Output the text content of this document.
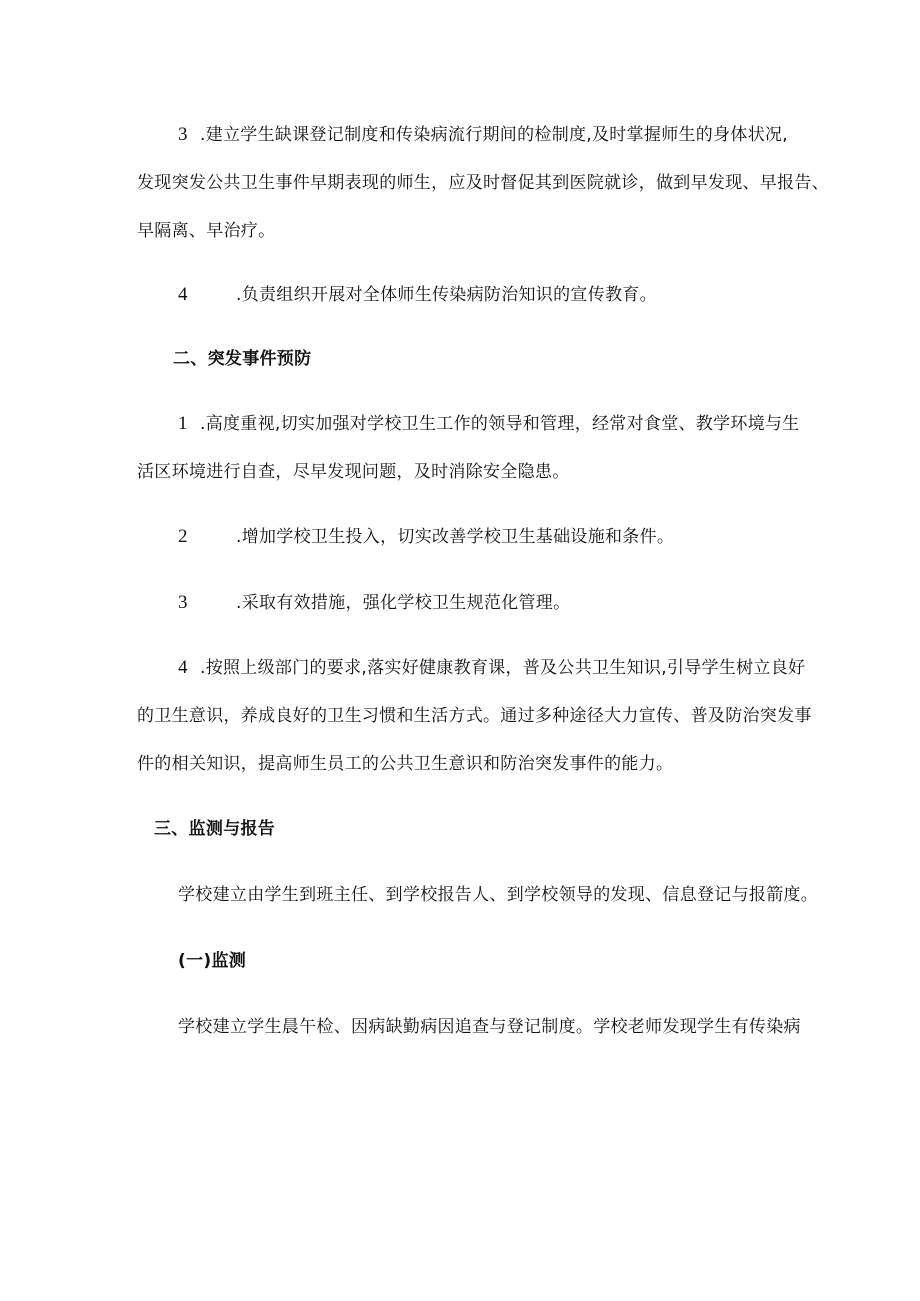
3 .建立学生缺课登记制度和传染病流行期间的检制度,及时掌握师生的身体状况,
发现突发公共卫生事件早期表现的师生，应及时督促其到医院就诊，做到早发现、早报告、
早隔离、早治疗。
4	.负责组织开展对全体师生传染病防治知识的宣传教育。
二、突发事件预防
1 .高度重视,切实加强对学校卫生工作的领导和管理，经常对食堂、教学环境与生
活区环境进行自查，尽早发现问题，及时消除安全隐患。
2	.增加学校卫生投入，切实改善学校卫生基础设施和条件。
3	.采取有效措施，强化学校卫生规范化管理。
4 .按照上级部门的要求,落实好健康教育课，普及公共卫生知识,引导学生树立良好
的卫生意识，养成良好的卫生习惯和生活方式。通过多种途径大力宣传、普及防治突发事
件的相关知识，提高师生员工的公共卫生意识和防治突发事件的能力。
三、监测与报告
学校建立由学生到班主任、到学校报告人、到学校领导的发现、信息登记与报箭度。
(一)监测
学校建立学生晨午检、因病缺勤病因追查与登记制度。学校老师发现学生有传染病
